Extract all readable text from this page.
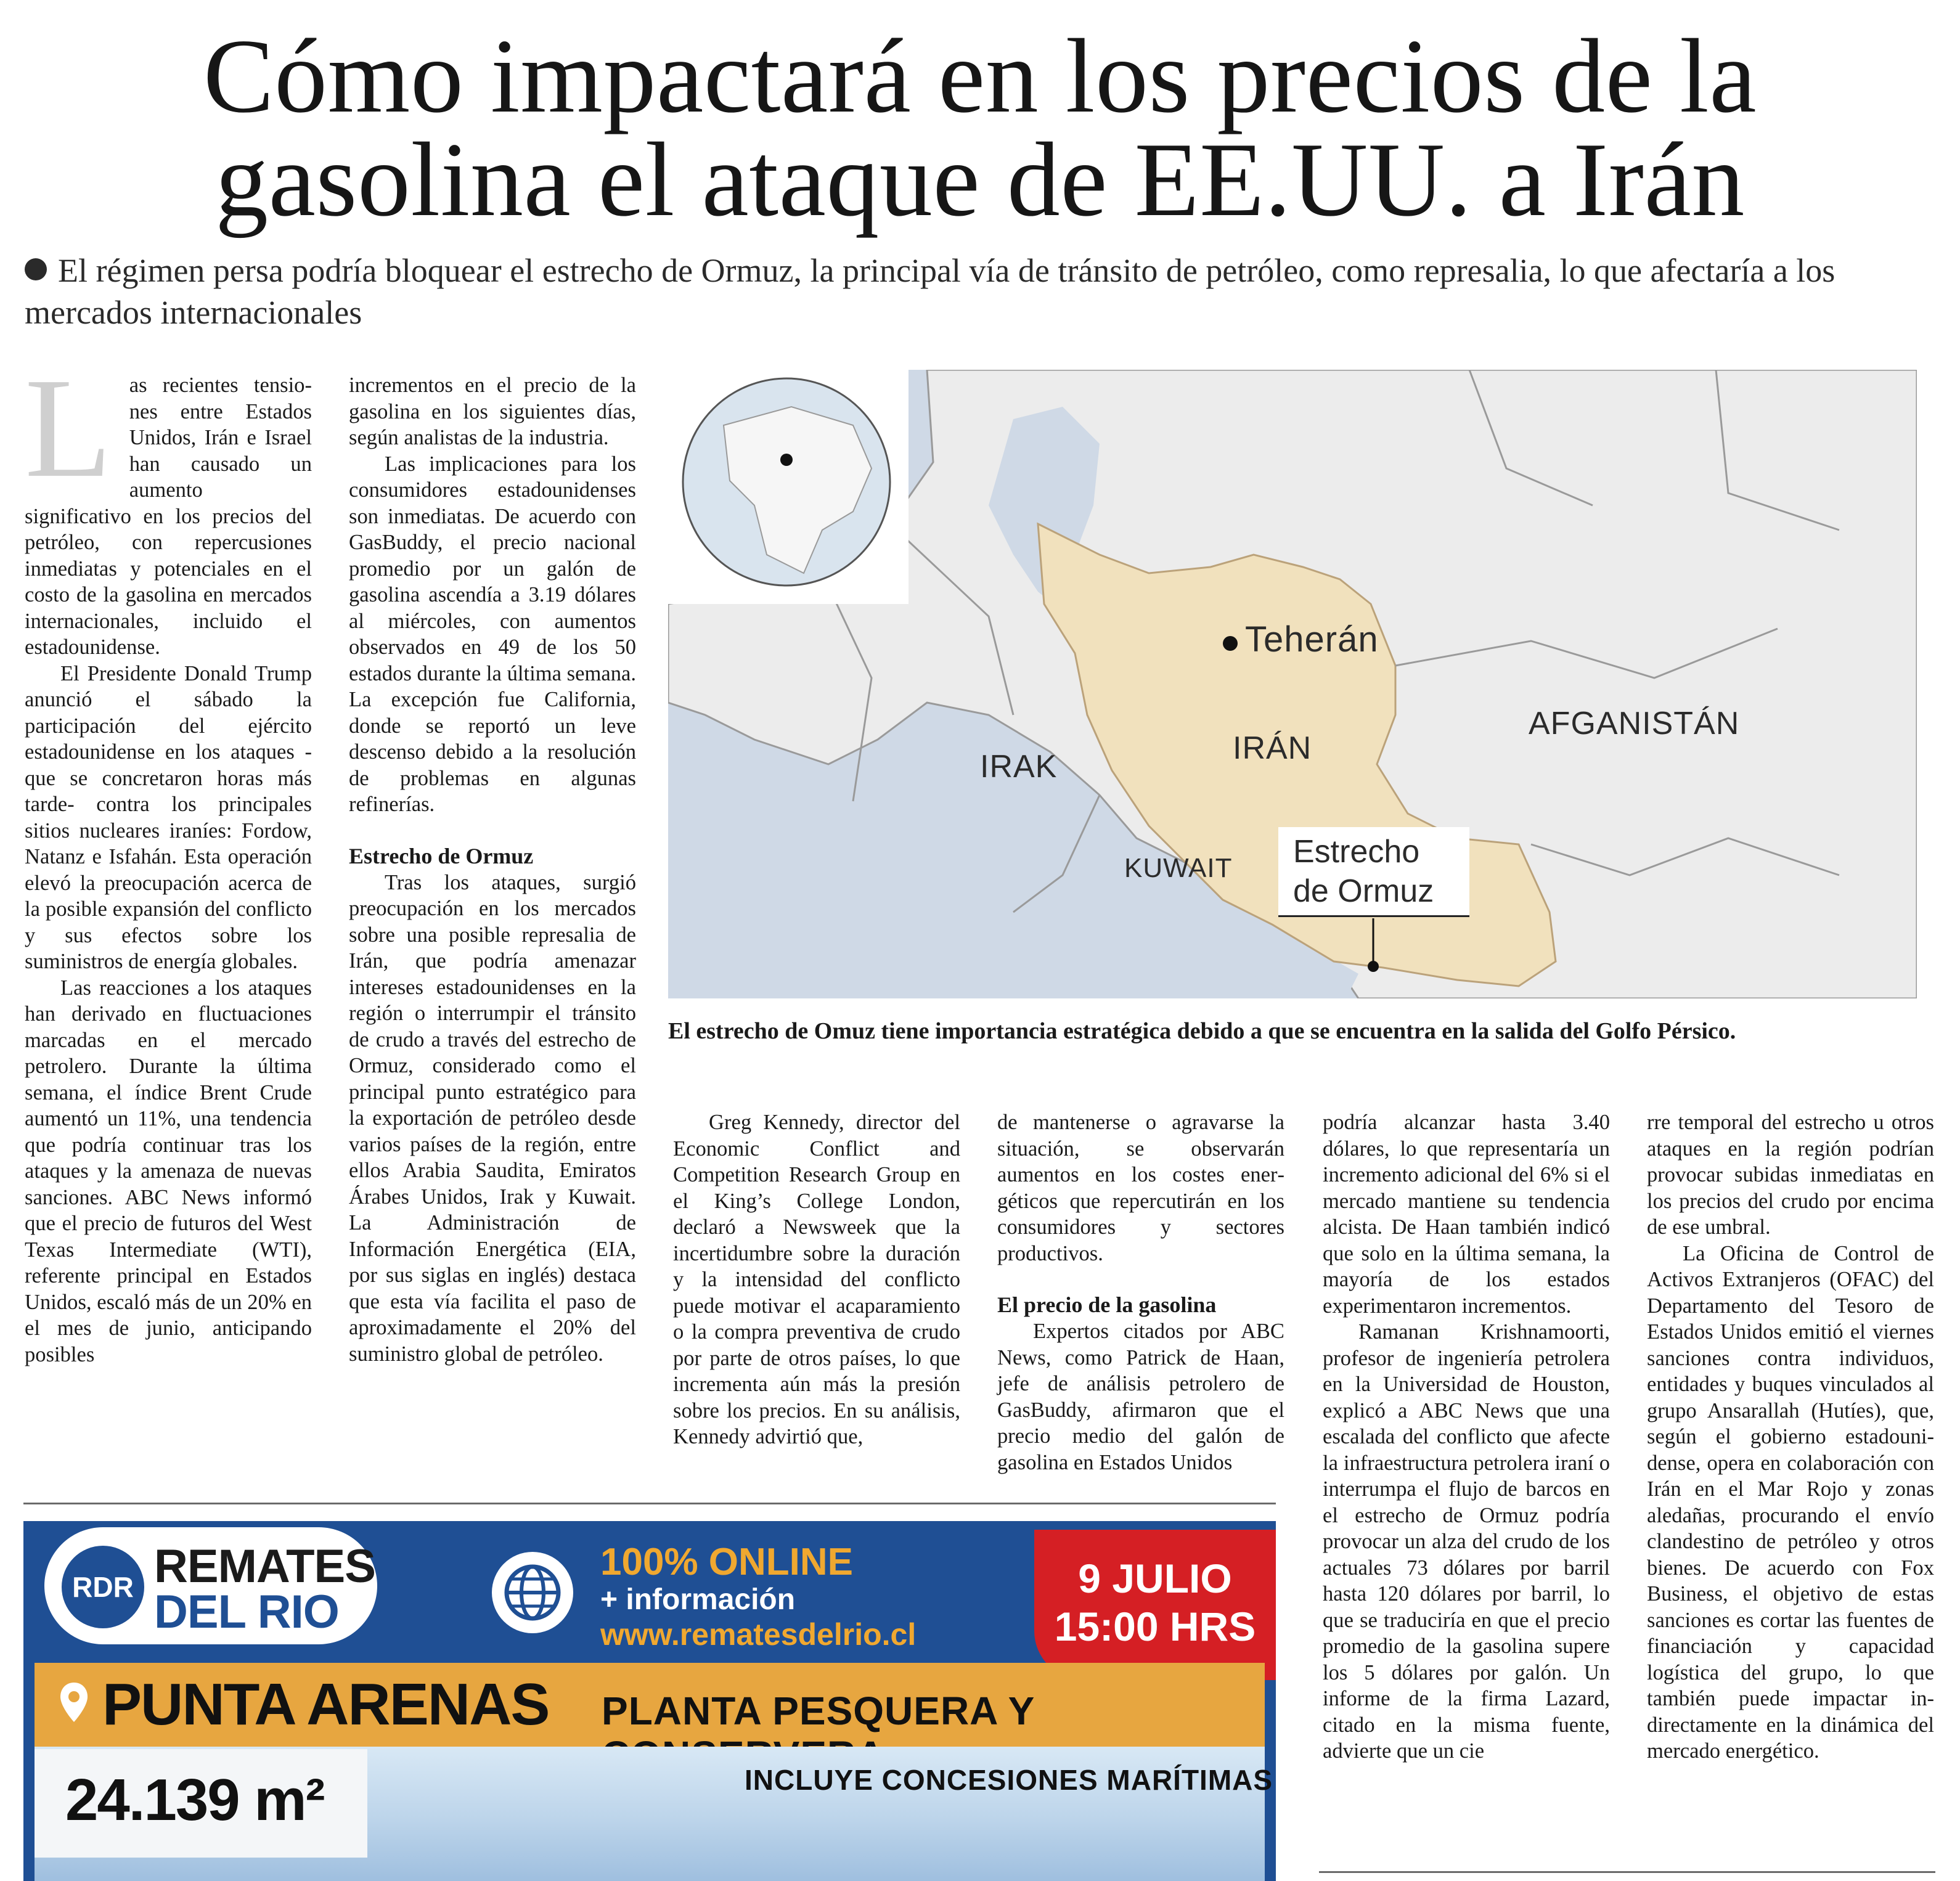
Cómo impactará en los precios de la
gasolina el ataque de EE.UU. a Irán
El régimen persa podría bloquear el estrecho de Ormuz, la principal vía de tránsito de petróleo, como represalia, lo que afectaría a los mercados internacionales
L as recientes tensiones entre Estados Unidos, Irán e Israel han causado un aumento significativo en los precios del petróleo, con repercusiones inmediatas y potenciales en el costo de la gasolina en mercados internacionales, incluido el estadounidense.

El Presidente Donald Trump anunció el sábado la participación del ejército estadounidense en los ataques -que se concretaron horas más tarde- contra los principales sitios nucleares iraníes: Fordow, Natanz e Isfahán. Esta operación elevó la preocupación acerca de la posible expansión del conflicto y sus efectos sobre los suministros de energía globales.

Las reacciones a los ataques han derivado en fluctuaciones marcadas en el mercado petrolero. Durante la última semana, el índice Brent Crude aumentó un 11%, una tendencia que podría continuar tras los ataques y la amenaza de nuevas sanciones. ABC News informó que el precio de futuros del West Texas Intermediate (WTI), referente principal en Estados Unidos, escaló más de un 20% en el mes de junio, anticipando posibles

incrementos en el precio de la gasolina en los siguientes días, según analistas de la industria.

Las implicaciones para los consumidores estadounidenses son inmediatas. De acuerdo con GasBuddy, el precio nacional promedio por un galón de gasolina ascendía a 3.19 dólares al miércoles, con aumentos observados en 49 de los 50 estados durante la última semana. La excepción fue California, donde se reportó un leve descenso debido a la resolución de problemas en algunas refinerías.

Estrecho de Ormuz

Tras los ataques, surgió preocupación en los mercados sobre una posible represalia de Irán, que podría amenazar intereses estadounidenses en la región o interrumpir el tránsito de crudo a través del estrecho de Ormuz, considerado como el principal punto estratégico para la exportación de petróleo desde varios países de la región, entre ellos Arabia Saudita, Emiratos Árabes Unidos, Irak y Kuwait. La Administración de Información Energética (EIA, por sus siglas en inglés) destaca que esta vía facilita el paso de aproximadamente el 20% del suministro global de petróleo.

Teherán
IRÁN
IRAK
AFGANISTÁN
KUWAIT	Estrecho
de Ormuz
El estrecho de Omuz tiene importancia estratégica debido a que se encuentra en la salida del Golfo Pérsico.

Greg Kennedy, director del Economic Conflict and Competition Research Group en el King’s College London, declaró a Newsweek que la incertidumbre sobre la duración y la intensidad del conflicto puede motivar el acaparamiento o la compra preventiva de crudo por parte de otros países, lo que incrementa aún más la presión sobre los precios. En su análisis, Kennedy advirtió que,

de mantenerse o agravarse la situación, se observarán aumentos en los costes energéticos que repercutirán en los consumidores y sectores productivos.

El precio de la gasolina

Expertos citados por ABC News, como Patrick de Haan, jefe de análisis petrolero de GasBuddy, afirmaron que el precio medio del galón de gasolina en Estados Unidos

podría alcanzar hasta 3.40 dólares, lo que representaría un incremento adicional del 6% si el mercado mantiene su tendencia alcista. De Haan también indicó que solo en la última semana, la mayoría de los estados experimentaron incrementos.

Ramanan Krishnamoorti, profesor de ingeniería petrolera en la Universidad de Houston, explicó a ABC News que una escalada del conflicto que afecte la infraestructura petrolera iraní o interrumpa el flujo de barcos en el estrecho de Ormuz podría provocar un alza del crudo de los actuales 73 dólares por barril hasta 120 dólares por barril, lo que se traduciría en que el precio promedio de la gasolina supere los 5 dólares por galón. Un informe de la firma Lazard, citado en la misma fuente, advierte que un cie

rre temporal del estrecho u otros ataques en la región podrían provocar subidas inmediatas en los precios del crudo por encima de ese umbral.

La Oficina de Control de Activos Extranjeros (OFAC) del Departamento del Tesoro de Estados Unidos emitió el viernes sanciones contra individuos, entidades y buques vinculados al grupo Ansarallah (Hutíes), que, según el gobierno estadounidense, opera en colaboración con Irán en el Mar Rojo y zonas aledañas, procurando el envío clandestino de petróleo y otros bienes. De acuerdo con Fox Business, el objetivo de estas sanciones es cortar las fuentes de financiación y capacidad logística del grupo, lo que también puede impactar indirectamente en la dinámica del mercado energético.

RDR REMATES
DEL RIO
100% ONLINE
+ información
www.rematesdelrio.cl
9 JULIO
15:00 HRS
PUNTA ARENAS PLANTA PESQUERA Y
24.139 m²	INCLUYE CONCESIONES MARÍTIMAS
